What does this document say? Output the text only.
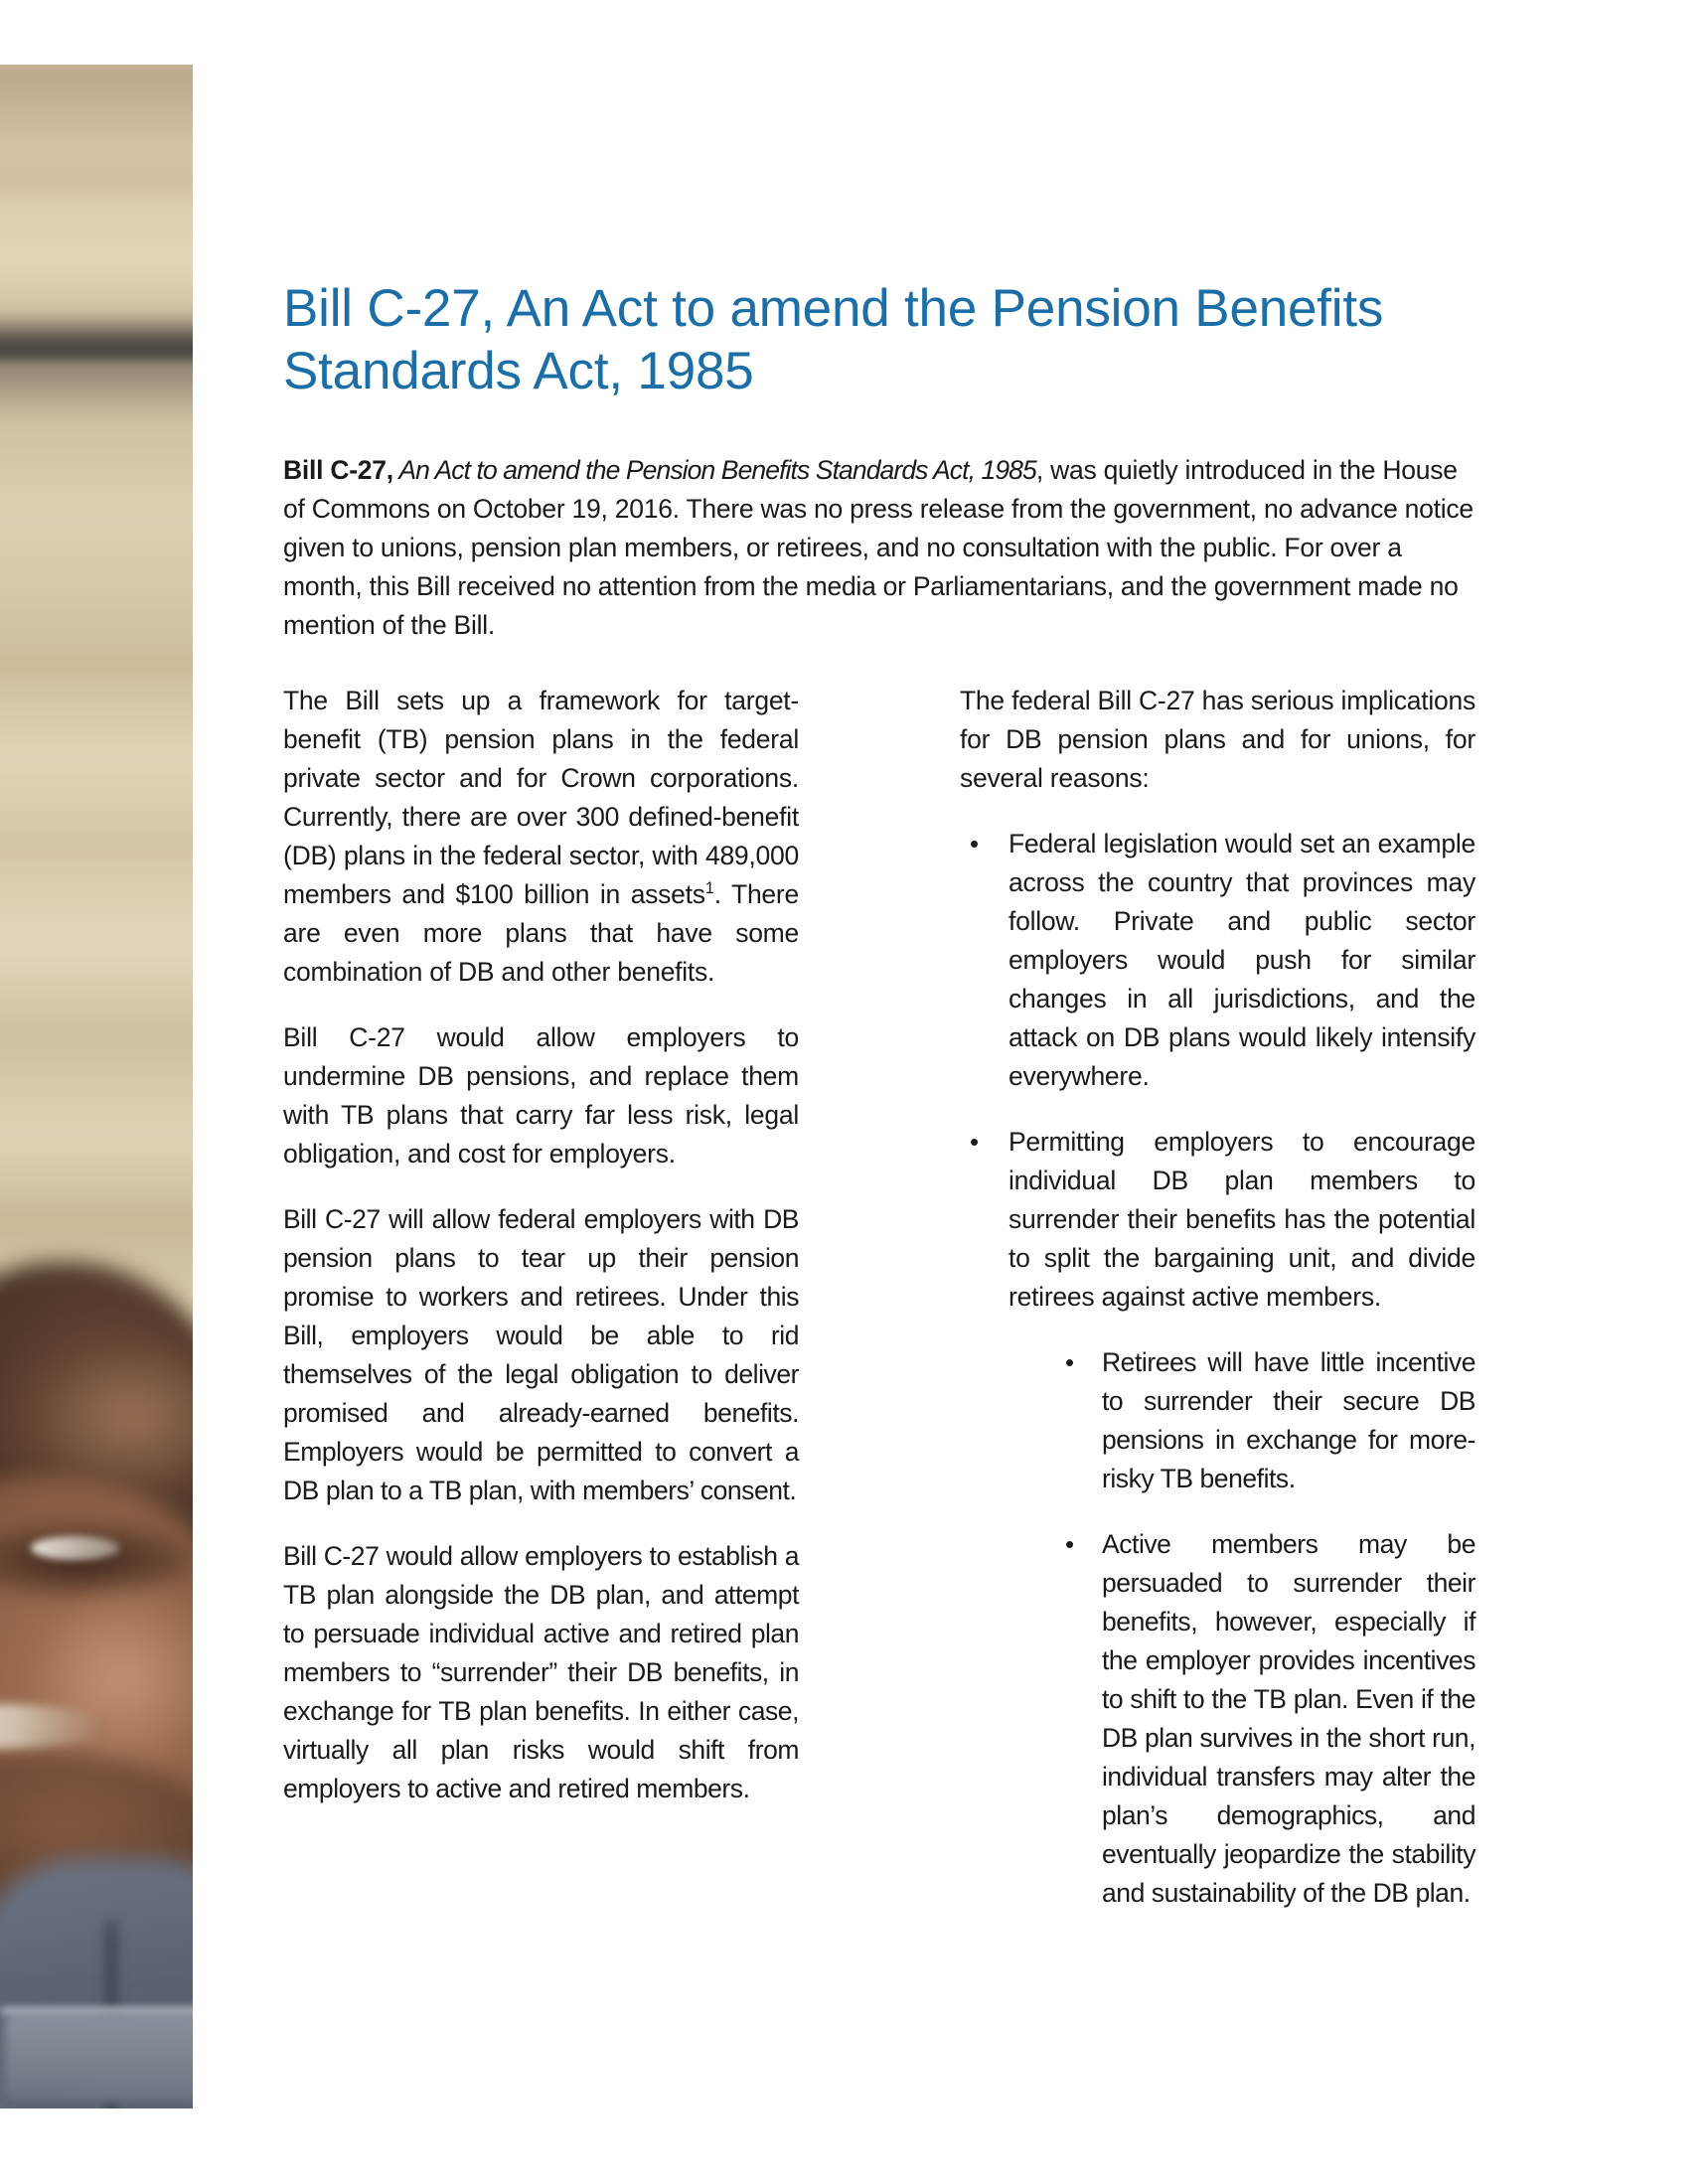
Bill C-27, An Act to amend the Pension Benefits Standards Act, 1985

Bill C-27, An Act to amend the Pension Benefits Standards Act, 1985, was quietly introduced in the House of Commons on October 19, 2016. There was no press release from the government, no advance notice given to unions, pension plan members, or retirees, and no consultation with the public. For over a month, this Bill received no attention from the media or Parliamentarians, and the government made no mention of the Bill.

The Bill sets up a framework for target-benefit (TB) pension plans in the federal private sector and for Crown corporations. Currently, there are over 300 defined-benefit (DB) plans in the federal sector, with 489,000 members and $100 billion in assets$^1$. There are even more plans that have some combination of DB and other benefits.

Bill C-27 would allow employers to undermine DB pensions, and replace them with TB plans that carry far less risk, legal obligation, and cost for employers.

Bill C-27 will allow federal employers with DB pension plans to tear up their pension promise to workers and retirees. Under this Bill, employers would be able to rid themselves of the legal obligation to deliver promised and already-earned benefits. Employers would be permitted to convert a DB plan to a TB plan, with members’ consent.

Bill C-27 would allow employers to establish a TB plan alongside the DB plan, and attempt to persuade individual active and retired plan members to “surrender” their DB benefits, in exchange for TB plan benefits. In either case, virtually all plan risks would shift from employers to active and retired members.

The federal Bill C-27 has serious implications for DB pension plans and for unions, for several reasons:

• Federal legislation would set an example across the country that provinces may follow. Private and public sector employers would push for similar changes in all jurisdictions, and the attack on DB plans would likely intensify everywhere.
• Permitting employers to encourage individual DB plan members to surrender their benefits has the potential to split the bargaining unit, and divide retirees against active members.
• Retirees will have little incentive to surrender their secure DB pensions in exchange for more-risky TB benefits.
• Active members may be persuaded to surrender their benefits, however, especially if the employer provides incentives to shift to the TB plan. Even if the DB plan survives in the short run, individual transfers may alter the plan’s demographics, and eventually jeopardize the stability and sustainability of the DB plan.
